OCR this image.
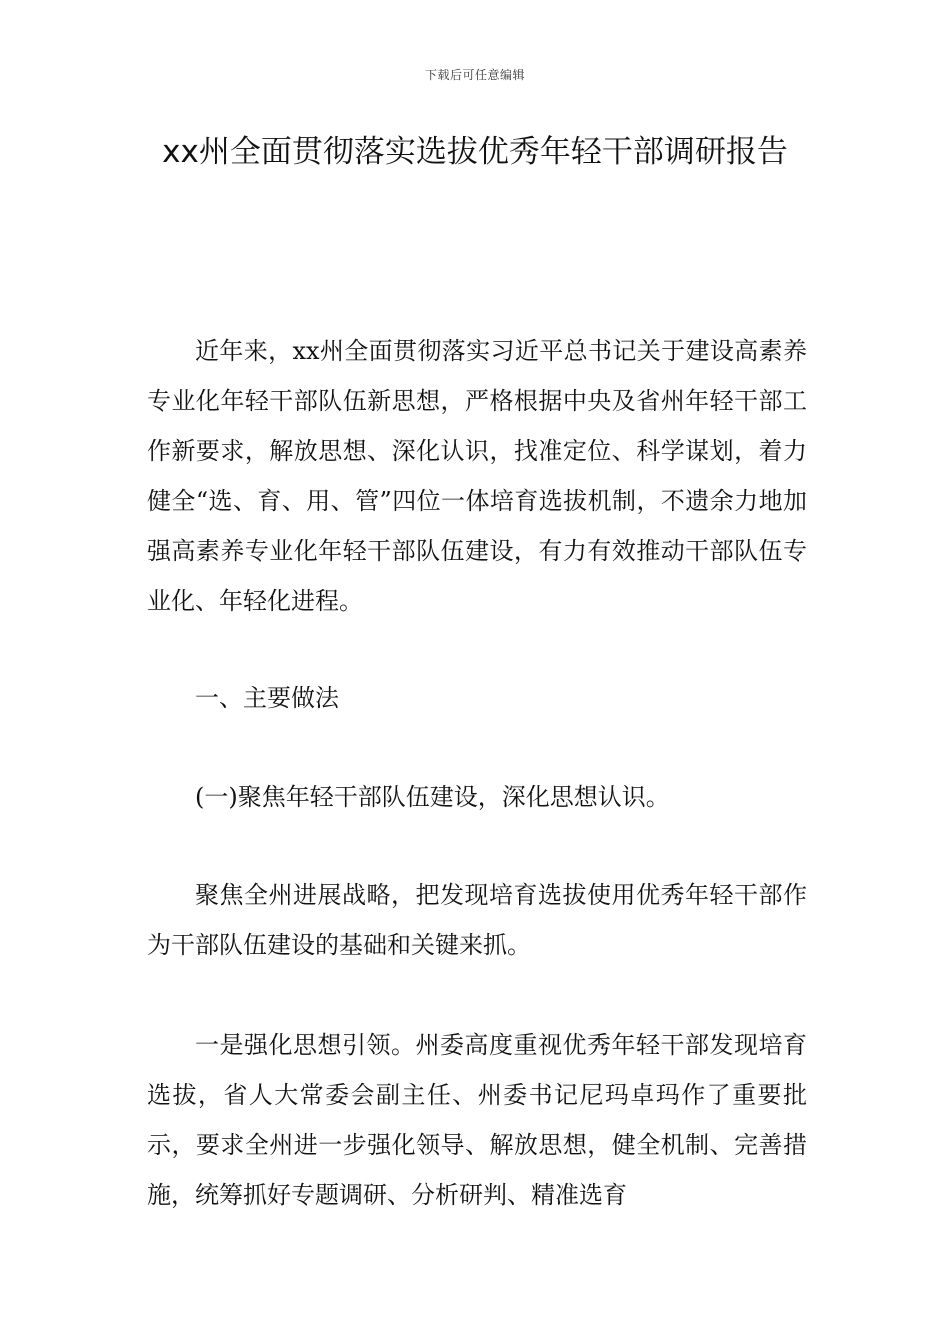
下载后可任意编辑
xx州全面贯彻落实选拔优秀年轻干部调研报告

近年来，xx州全面贯彻落实习近平总书记关于建设高素养专业化年轻干部队伍新思想，严格根据中央及省州年轻干部工作新要求，解放思想、深化认识，找准定位、科学谋划，着力健全“选、育、用、管”四位一体培育选拔机制，不遗余力地加强高素养专业化年轻干部队伍建设，有力有效推动干部队伍专业化、年轻化进程。

一、主要做法

(一)聚焦年轻干部队伍建设，深化思想认识。

聚焦全州进展战略，把发现培育选拔使用优秀年轻干部作为干部队伍建设的基础和关键来抓。

一是强化思想引领。州委高度重视优秀年轻干部发现培育选拔，省人大常委会副主任、州委书记尼玛卓玛作了重要批示，要求全州进一步强化领导、解放思想，健全机制、完善措施，统筹抓好专题调研、分析研判、精准选育
